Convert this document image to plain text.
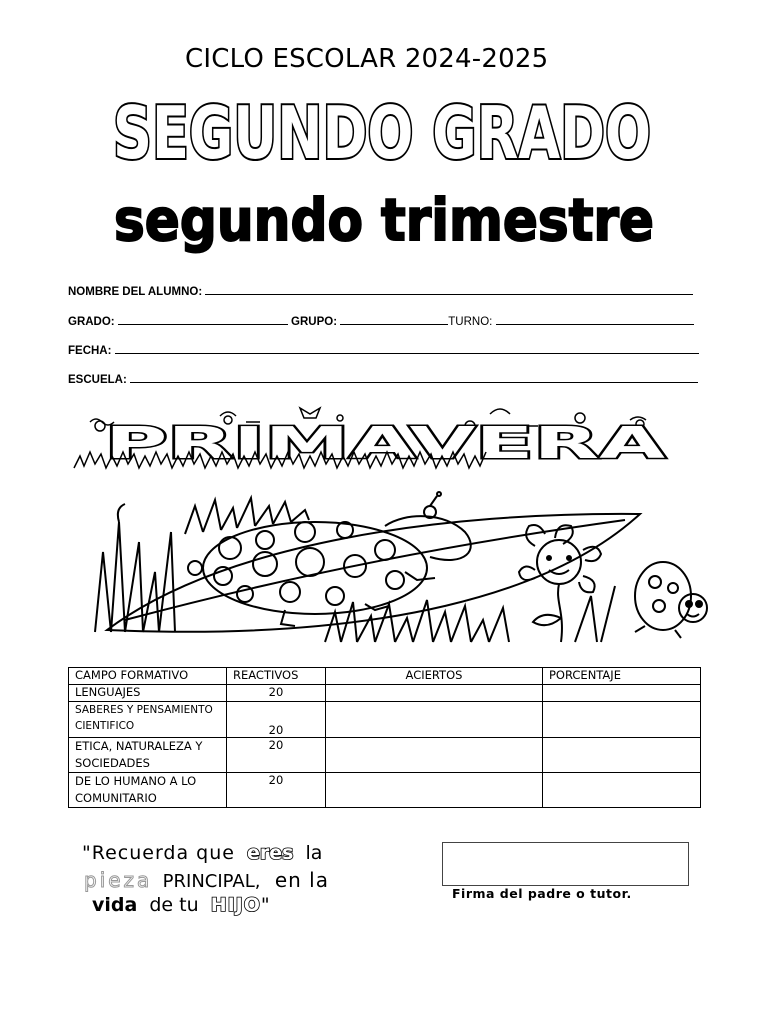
CICLO ESCOLAR 2024-2025
SEGUNDO GRADO
segundo trimestre
NOMBRE DEL ALUMNO:
GRADO:	GRUPO:	TURNO:
FECHA:
ESCUELA:
PRIMAVERA
CAMPO FORMATIVO	REACTIVOS	ACIERTOS	PORCENTAJE
LENGUAJES	20		
SABERES Y PENSAMIENTO
CIENTIFICO	20		
ETICA, NATURALEZA Y
SOCIEDADES	20		
DE LO HUMANO A LO
COMUNITARIO	20		
"Recuerda que eres la
pieza PRINCIPAL, en la
vida de tu HIJO"
Firma del padre o tutor.
